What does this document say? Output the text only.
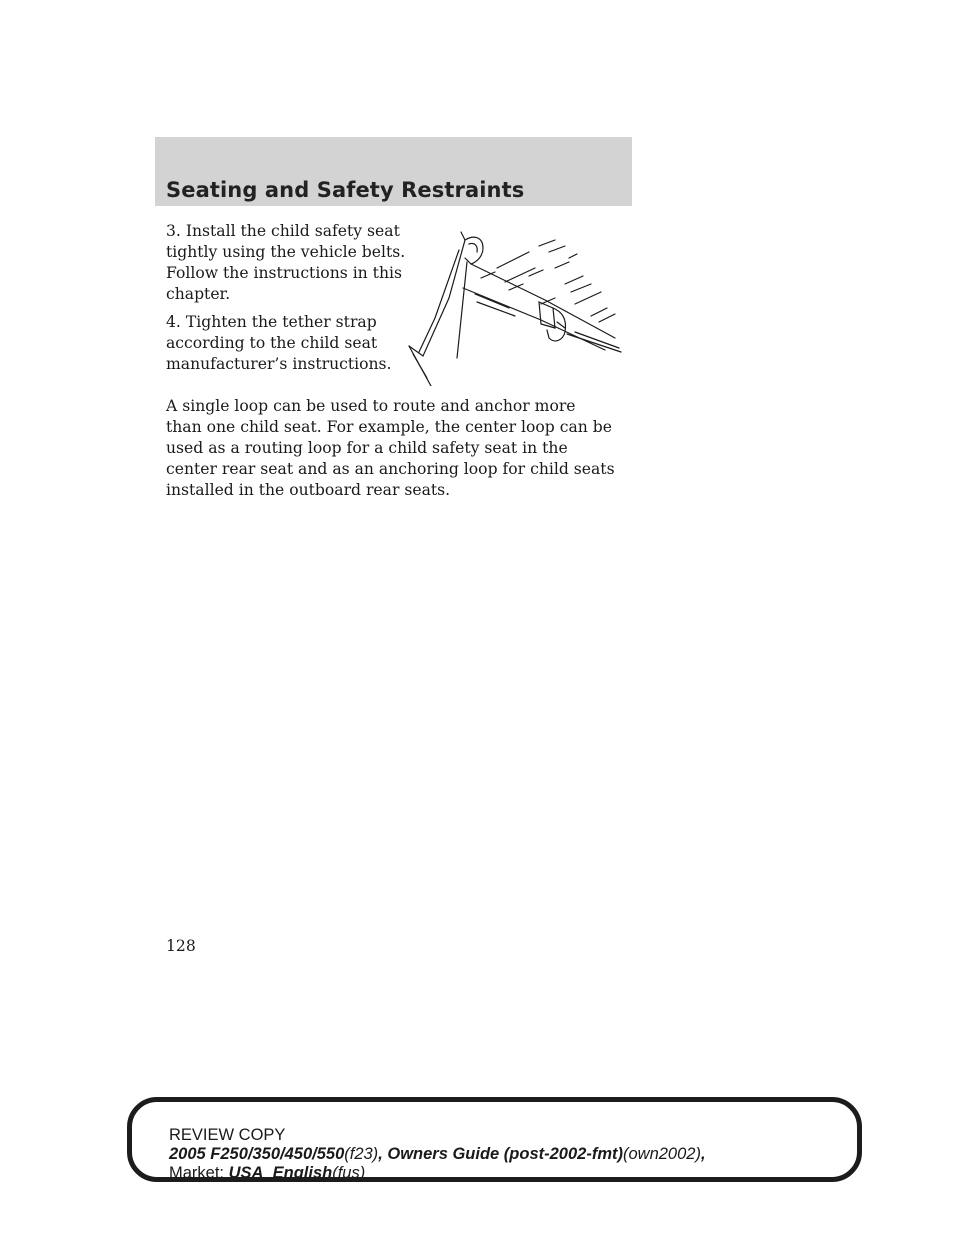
Seating and Safety Restraints

3. Install the child safety seat tightly using the vehicle belts. Follow the instructions in this chapter.

4. Tighten the tether strap according to the child seat manufacturer’s instructions.

A single loop can be used to route and anchor more than one child seat. For example, the center loop can be used as a routing loop for a child safety seat in the center rear seat and as an anchoring loop for child seats installed in the outboard rear seats.

128

REVIEW COPY
2005 F250/350/450/550(f23), Owners Guide (post-2002-fmt)(own2002),
Market: USA_English(fus)
